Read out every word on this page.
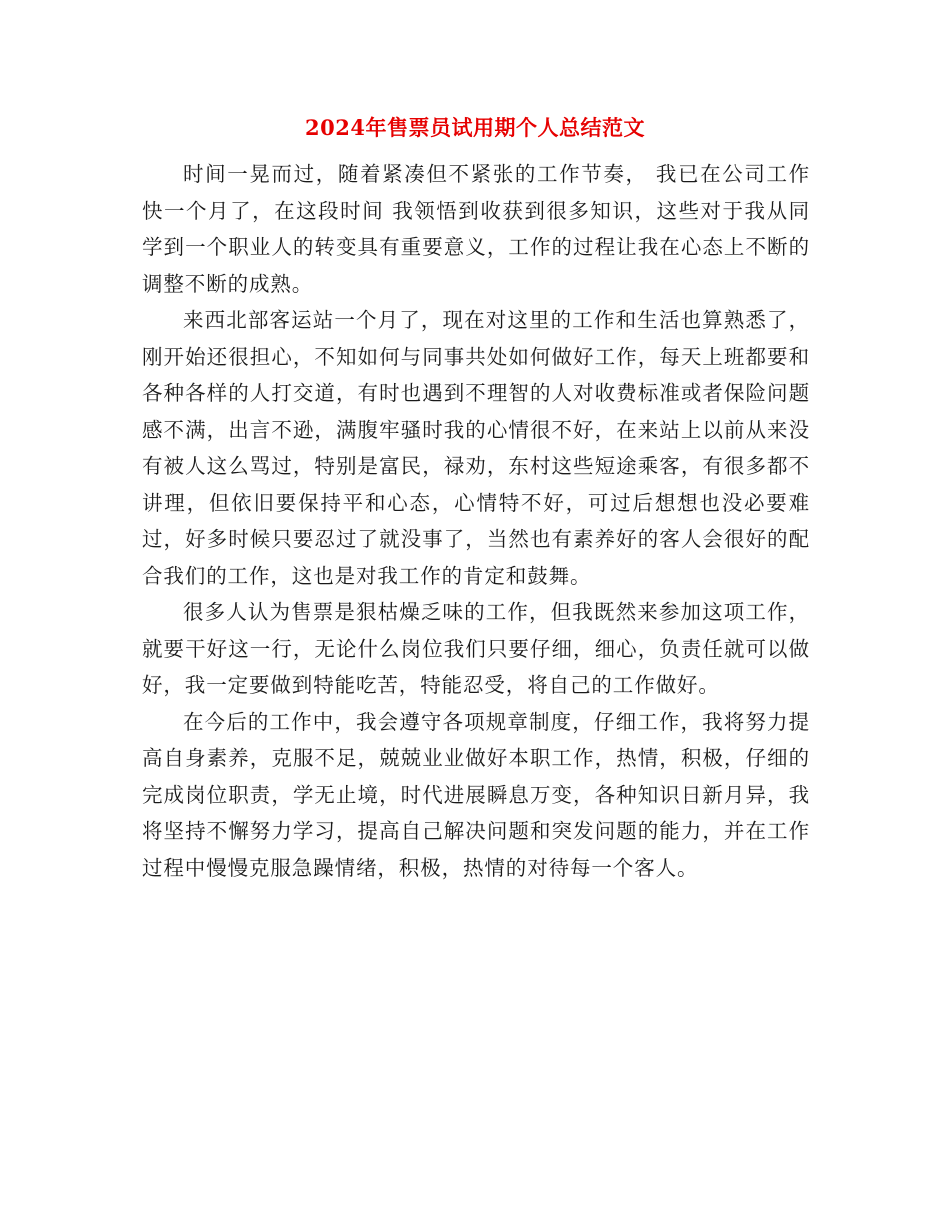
2024年售票员试用期个人总结范文

时间一晃而过，随着紧凑但不紧张的工作节奏， 我已在公司工作快一个月了，在这段时间 我领悟到收获到很多知识，这些对于我从同学到一个职业人的转变具有重要意义，工作的过程让我在心态上不断的调整不断的成熟。

来西北部客运站一个月了，现在对这里的工作和生活也算熟悉了，刚开始还很担心，不知如何与同事共处如何做好工作，每天上班都要和各种各样的人打交道，有时也遇到不理智的人对收费标准或者保险问题感不满，出言不逊，满腹牢骚时我的心情很不好，在来站上以前从来没有被人这么骂过，特别是富民，禄劝，东村这些短途乘客，有很多都不讲理，但依旧要保持平和心态，心情特不好，可过后想想也没必要难过，好多时候只要忍过了就没事了，当然也有素养好的客人会很好的配合我们的工作，这也是对我工作的肯定和鼓舞。

很多人认为售票是狠枯燥乏味的工作，但我既然来参加这项工作，就要干好这一行，无论什么岗位我们只要仔细，细心，负责任就可以做好，我一定要做到特能吃苦，特能忍受，将自己的工作做好。

在今后的工作中，我会遵守各项规章制度，仔细工作，我将努力提高自身素养，克服不足，兢兢业业做好本职工作，热情，积极，仔细的完成岗位职责，学无止境，时代进展瞬息万变，各种知识日新月异，我将坚持不懈努力学习，提高自己解决问题和突发问题的能力，并在工作过程中慢慢克服急躁情绪，积极，热情的对待每一个客人。
